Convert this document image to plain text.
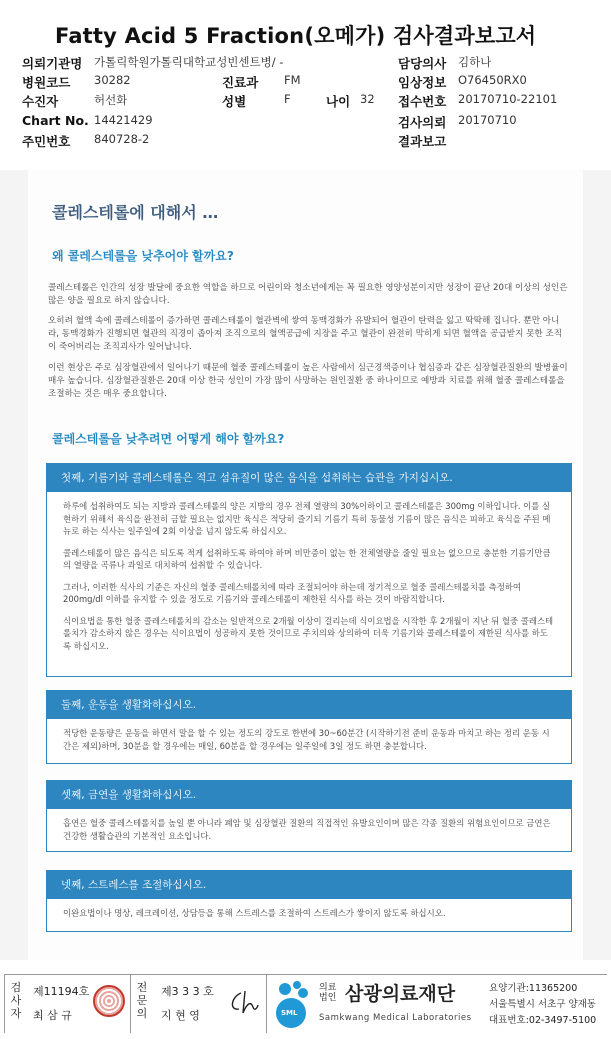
Fatty Acid 5 Fraction(오메가) 검사결과보고서
의뢰기관명 가톨릭학원가톨릭대학교성빈센트병/ -	담당의사 김하나
병원코드 30282	진료과 FM	임상정보 O76450RX0
수진자	허선화	성별	F	나이 32 접수번호 20170710-22101
Chart No. 14421429	검사의뢰 20170710
주민번호 840728-2	결과보고
콜레스테롤에 대해서 …
왜 콜레스테롤을 낮추어야 할까요?
콜레스테롤은 인간의 성장 발달에 중요한 역할을 하므로 어린이와 청소년에게는 꼭 필요한 영양성분이지만 성장이 끝난 20대 이상의 성인은 많은 양을 필요로 하지 않습니다.
오히려 혈액 속에 콜레스테롤이 증가하면 콜레스테롤이 혈관벽에 쌓여 동맥경화가 유발되어 혈관이 탄력을 잃고 딱딱해 집니다. 뿐만 아니라, 동맥경화가 진행되면 혈관의 직경이 좁아져 조직으로의 혈액공급에 지장을 주고 혈관이 완전히 막히게 되면 혈액을 공급받지 못한 조직이 죽어버리는 조직괴사가 일어납니다.
이런 현상은 주로 심장혈관에서 일어나기 때문에 혈중 콜레스테롤이 높은 사람에서 심근경색증이나 협심증과 같은 심장혈관질환의 발병율이 매우 높습니다. 심장혈관질환은 20대 이상 한국 성인이 가장 많이 사망하는 원인질환 중 하나이므로 예방과 치료를 위해 혈중 콜레스테롤을 조절하는 것은 매우 중요합니다.
콜레스테롤을 낮추려면 어떻게 해야 할까요?
첫째, 기름기와 콜레스테롤은 적고 섬유질이 많은 음식을 섭취하는 습관을 가지십시오.

하루에 섭취하여도 되는 지방과 콜레스테롤의 양은 지방의 경우 전체 열량의 30%이하이고 콜레스테롤은 300mg 이하입니다. 이를 실현하기 위해서 육식을 완전히 금할 필요는 없지만 육식은 적당히 즐기되 기름기 특히 동물성 기름이 많은 음식은 피하고 육식을 주된 메뉴로 하는 식사는 일주일에 2회 이상을 넘지 않도록 하십시오.

콜레스테롤이 많은 음식은 되도록 적게 섭취하도록 하여야 하며 비만증이 없는 한 전체열량을 줄일 필요는 없으므로 충분한 기름기만큼의 열량을 곡류나 과일로 대치하여 섭취할 수 있습니다.

그러나, 이러한 식사의 기준은 자신의 혈중 콜레스테롤치에 따라 조절되어야 하는데 정기적으로 혈중 콜레스테롤치를 측정하여 200mg/dl 이하를 유지할 수 있을 정도로 기름기와 콜레스테롤이 제한된 식사를 하는 것이 바람직합니다.

식이요법을 통한 혈중 콜레스테롤치의 감소는 일반적으로 2개월 이상이 걸리는데 식이요법을 시작한 후 2개월이 지난 뒤 혈중 콜레스테롤치가 감소하지 않은 경우는 식이요법이 성공하지 못한 것이므로 주치의와 상의하여 더욱 기름기와 콜레스테롤이 제한된 식사를 하도록 하십시오.

둘째, 운동을 생활화하십시오.

적당한 운동량은 운동을 하면서 말을 할 수 있는 정도의 강도로 한번에 30~60분간 (시작하기전 준비 운동과 마치고 하는 정리 운동 시간은 제외)하며, 30분을 할 경우에는 매일, 60분을 할 경우에는 일주일에 3일 정도 하면 충분합니다.

셋째, 금연을 생활화하십시오.

흡연은 혈중 콜레스테롤치를 높일 뿐 아니라 폐암 및 심장혈관 질환의 직접적인 유발요인이며 많은 각종 질환의 위험요인이므로 금연은 건강한 생활습관의 기본적인 요소입니다.

넷째, 스트레스를 조절하십시오.

이완요법이나 명상, 레크레이션, 상담등을 통해 스트레스를 조절하여 스트레스가 쌓이지 않도록 하십시오.

검사자
제11194호
최 삼 규
전문의
제3 3 3 호
지 현 영	SML
의료법인 삼광의료재단
Samkwang Medical Laboratories
요양기관:11365200
서울특별시 서초구 양재동
대표번호:02-3497-5100
